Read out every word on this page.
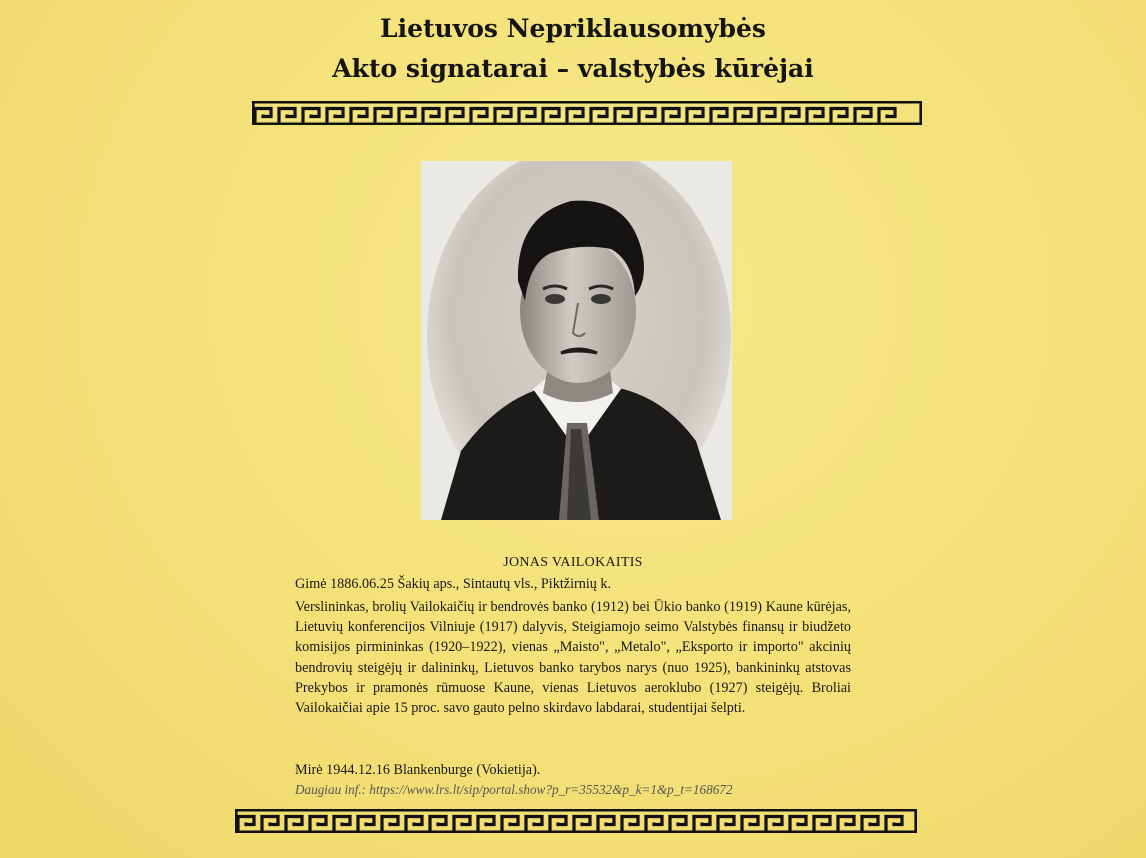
Lietuvos Nepriklausomybės
Akto signatarai – valstybės kūrėjai
JONAS VAILOKAITIS
Gimė 1886.06.25 Šakių aps., Sintautų vls., Piktžirnių k.
Verslininkas, brolių Vailokaičių ir bendrovės banko (1912) bei Ūkio banko (1919) Kaune kūrėjas, Lietuvių konferencijos Vilniuje (1917) dalyvis, Steigiamojo seimo Valstybės finansų ir biudžeto komisijos pirmininkas (1920–1922), vienas „Maisto", „Metalo", „Eksporto ir importo" akcinių bendrovių steigėjų ir dalininkų, Lietuvos banko tarybos narys (nuo 1925), bankininkų atstovas Prekybos ir pramonės rūmuose Kaune, vienas Lietuvos aeroklubo (1927) steigėjų. Broliai Vailokaičiai apie 15 proc. savo gauto pelno skirdavo labdarai, studentijai šelpti.
Mirė 1944.12.16 Blankenburge (Vokietija).
Daugiau inf.: https://www.lrs.lt/sip/portal.show?p_r=35532&p_k=1&p_t=168672
